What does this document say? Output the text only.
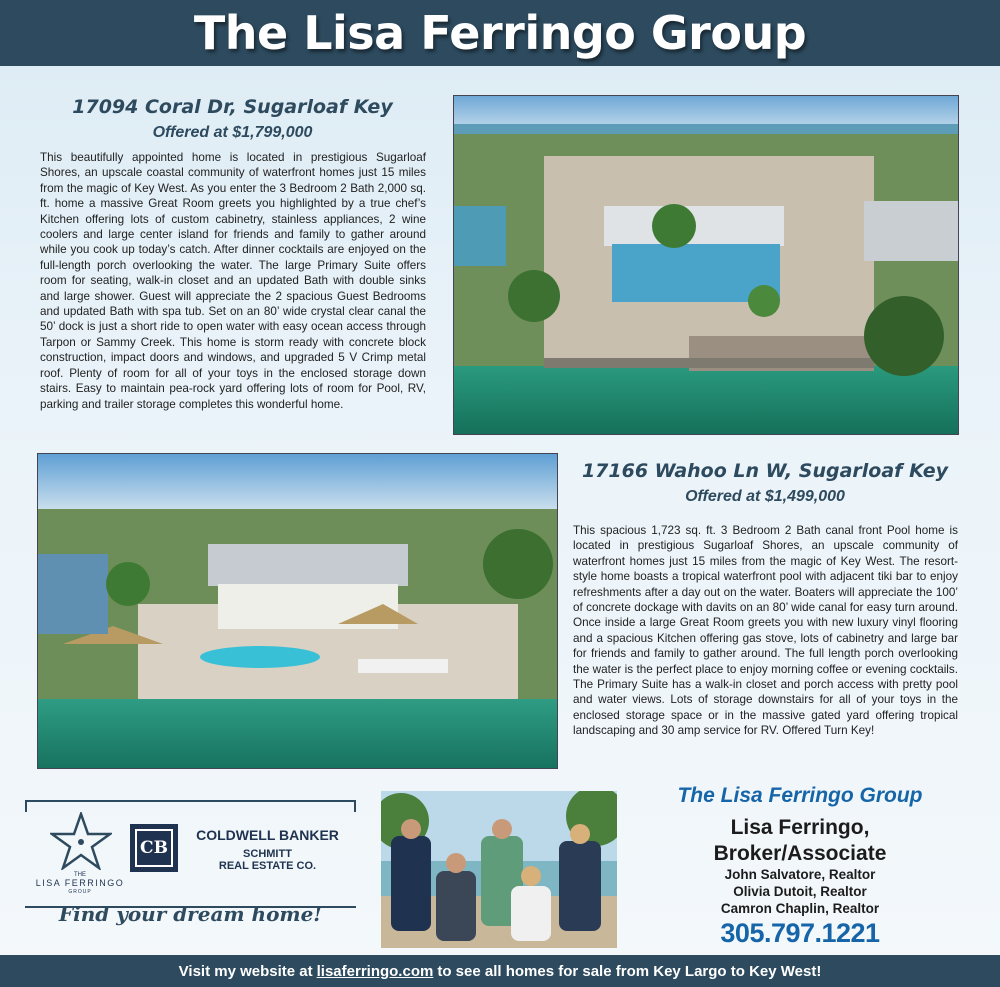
The Lisa Ferringo Group
17094 Coral Dr, Sugarloaf Key
Offered at $1,799,000
This beautifully appointed home is located in prestigious Sugarloaf Shores, an upscale coastal community of waterfront homes just 15 miles from the magic of Key West. As you enter the 3 Bedroom 2 Bath 2,000 sq. ft. home a massive Great Room greets you highlighted by a true chef’s Kitchen offering lots of custom cabinetry, stainless appliances, 2 wine coolers and large center island for friends and family to gather around while you cook up today’s catch. After dinner cocktails are enjoyed on the full-length porch overlooking the water. The large Primary Suite offers room for seating, walk-in closet and an updated Bath with double sinks and large shower. Guest will appreciate the 2 spacious Guest Bedrooms and updated Bath with spa tub. Set on an 80’ wide crystal clear canal the 50’ dock is just a short ride to open water with easy ocean access through Tarpon or Sammy Creek. This home is storm ready with concrete block construction, impact doors and windows, and upgraded 5 V Crimp metal roof. Plenty of room for all of your toys in the enclosed storage down stairs. Easy to maintain pea-rock yard offering lots of room for Pool, RV, parking and trailer storage completes this wonderful home.
17166 Wahoo Ln W, Sugarloaf Key
Offered at $1,499,000
This spacious 1,723 sq. ft. 3 Bedroom 2 Bath canal front Pool home is located in prestigious Sugarloaf Shores, an upscale community of waterfront homes just 15 miles from the magic of Key West. The resort-style home boasts a tropical waterfront pool with adjacent tiki bar to enjoy refreshments after a day out on the water. Boaters will appreciate the 100’ of concrete dockage with davits on an 80’ wide canal for easy turn around. Once inside a large Great Room greets you with new luxury vinyl flooring and a spacious Kitchen offering gas stove, lots of cabinetry and large bar for friends and family to gather around. The full length porch overlooking the water is the perfect place to enjoy morning coffee or evening cocktails. The Primary Suite has a walk-in closet and porch access with pretty pool and water views. Lots of storage downstairs for all of your toys in the enclosed storage space or in the massive gated yard offering tropical landscaping and 30 amp service for RV. Offered Turn Key!
THE
LISA FERRINGO
GROUP
CB
COLDWELL BANKER
SCHMITT
REAL ESTATE CO.
Find your dream home!
The Lisa Ferringo Group
Lisa Ferringo,
Broker/Associate
John Salvatore, Realtor
Olivia Dutoit, Realtor
Camron Chaplin, Realtor
305.797.1221
Visit my website at lisaferringo.com to see all homes for sale from Key Largo to Key West!
